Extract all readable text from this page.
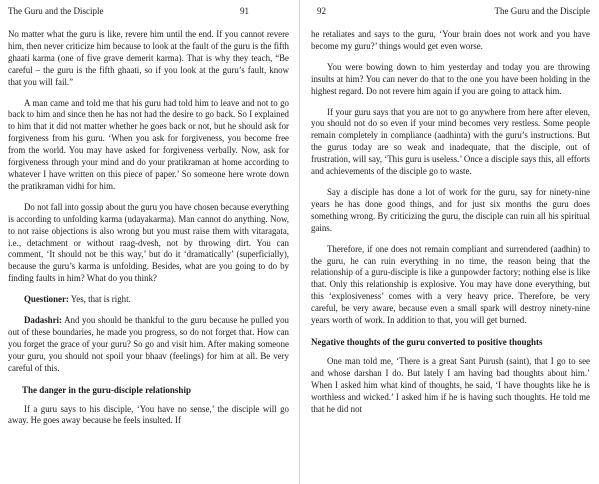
The Guru and the Disciple	91

No matter what the guru is like, revere him until the end. If you cannot revere him, then never criticize him because to look at the fault of the guru is the fifth ghaati karma (one of five grave demerit karma). That is why they teach, “Be careful – the guru is the fifth ghaati, so if you look at the guru’s fault, know that you will fail.”

A man came and told me that his guru had told him to leave and not to go back to him and since then he has not had the desire to go back. So I explained to him that it did not matter whether he goes back or not, but he should ask for forgiveness from his guru. ‘When you ask for forgiveness, you become free from the world. You may have asked for forgiveness verbally. Now, ask for forgiveness through your mind and do your pratikraman at home according to whatever I have written on this piece of paper.’ So someone here wrote down the pratikraman vidhi for him.

Do not fall into gossip about the guru you have chosen because everything is according to unfolding karma (udayakarma). Man cannot do anything. Now, to not raise objections is also wrong but you must raise them with vitaragata, i.e., detachment or without raag-dvesh, not by throwing dirt. You can comment, ‘It should not be this way,’ but do it ‘dramatically’ (superficially), because the guru’s karma is unfolding. Besides, what are you going to do by finding faults in him? What do you think?

Questioner: Yes, that is right.

Dadashri: And you should be thankful to the guru because he pulled you out of these boundaries, he made you progress, so do not forget that. How can you forget the grace of your guru? So go and visit him. After making someone your guru, you should not spoil your bhaav (feelings) for him at all. Be very careful of this.

The danger in the guru-disciple relationship

If a guru says to his disciple, ‘You have no sense,’ the disciple will go away. He goes away because he feels insulted. If

92	The Guru and the Disciple

he retaliates and says to the guru, ‘Your brain does not work and you have become my guru?’ things would get even worse.

You were bowing down to him yesterday and today you are throwing insults at him? You can never do that to the one you have been holding in the highest regard. Do not revere him again if you are going to attack him.

If your guru says that you are not to go anywhere from here after eleven, you should not do so even if your mind becomes very restless. Some people remain completely in compliance (aadhinta) with the guru’s instructions. But the gurus today are so weak and inadequate, that the disciple, out of frustration, will say, ‘This guru is useless.’ Once a disciple says this, all efforts and achievements of the disciple go to waste.

Say a disciple has done a lot of work for the guru, say for ninety-nine years he has done good things, and for just six months the guru does something wrong. By criticizing the guru, the disciple can ruin all his spiritual gains.

Therefore, if one does not remain compliant and surrendered (aadhin) to the guru, he can ruin everything in no time, the reason being that the relationship of a guru-disciple is like a gunpowder factory; nothing else is like that. Only this relationship is explosive. You may have done everything, but this ‘explosiveness’ comes with a very heavy price. Therefore, be very careful, be very aware, because even a small spark will destroy ninety-nine years worth of work. In addition to that, you will get burned.

Negative thoughts of the guru converted to positive thoughts

One man told me, ‘There is a great Sant Purush (saint), that I go to see and whose darshan I do. But lately I am having bad thoughts about him.’ When I asked him what kind of thoughts, he said, ‘I have thoughts like he is worthless and wicked.’ I asked him if he is having such thoughts. He told me that he did not
